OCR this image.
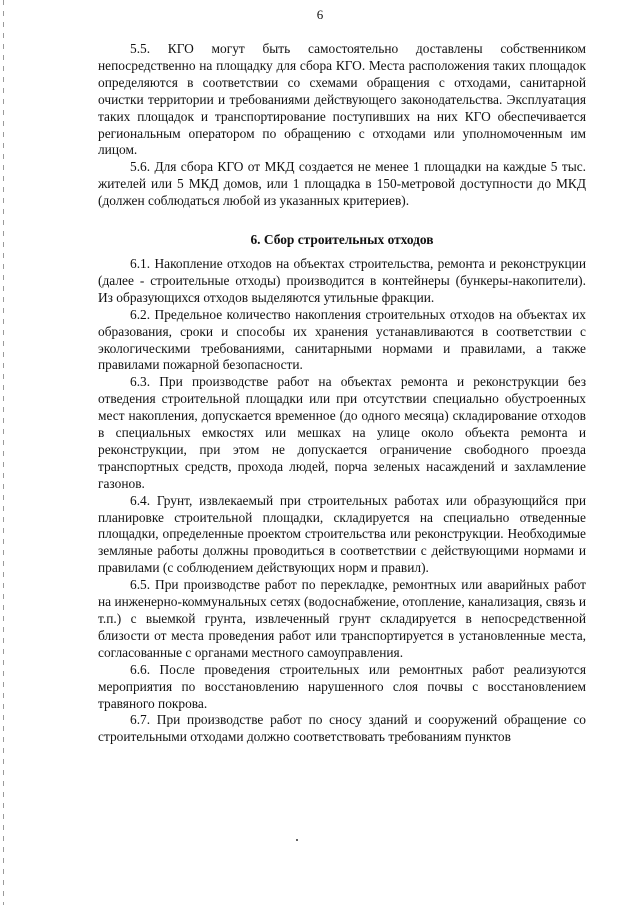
6

5.5. КГО могут быть самостоятельно доставлены собственником непосредственно на площадку для сбора КГО. Места расположения таких площадок определяются в соответствии со схемами обращения с отходами, санитарной очистки территории и требованиями действующего законодательства. Эксплуатация таких площадок и транспортирование поступивших на них КГО обеспечивается региональным оператором по обращению с отходами или уполномоченным им лицом.

5.6. Для сбора КГО от МКД создается не менее 1 площадки на каждые 5 тыс. жителей или 5 МКД домов, или 1 площадка в 150-метровой доступности до МКД (должен соблюдаться любой из указанных критериев).

6. Сбор строительных отходов

6.1. Накопление отходов на объектах строительства, ремонта и реконструкции (далее - строительные отходы) производится в контейнеры (бункеры-накопители). Из образующихся отходов выделяются утильные фракции.

6.2. Предельное количество накопления строительных отходов на объектах их образования, сроки и способы их хранения устанавливаются в соответствии с экологическими требованиями, санитарными нормами и правилами, а также правилами пожарной безопасности.

6.3. При производстве работ на объектах ремонта и реконструкции без отведения строительной площадки или при отсутствии специально обустроенных мест накопления, допускается временное (до одного месяца) складирование отходов в специальных емкостях или мешках на улице около объекта ремонта и реконструкции, при этом не допускается ограничение свободного проезда транспортных средств, прохода людей, порча зеленых насаждений и захламление газонов.

6.4. Грунт, извлекаемый при строительных работах или образующийся при планировке строительной площадки, складируется на специально отведенные площадки, определенные проектом строительства или реконструкции. Необходимые земляные работы должны проводиться в соответствии с действующими нормами и правилами (с соблюдением действующих норм и правил).

6.5. При производстве работ по перекладке, ремонтных или аварийных работ на инженерно-коммунальных сетях (водоснабжение, отопление, канализация, связь и т.п.) с выемкой грунта, извлеченный грунт складируется в непосредственной близости от места проведения работ или транспортируется в установленные места, согласованные с органами местного самоуправления.

6.6. После проведения строительных или ремонтных работ реализуются мероприятия по восстановлению нарушенного слоя почвы с восстановлением травяного покрова.

6.7. При производстве работ по сносу зданий и сооружений обращение со строительными отходами должно соответствовать требованиям пунктов
